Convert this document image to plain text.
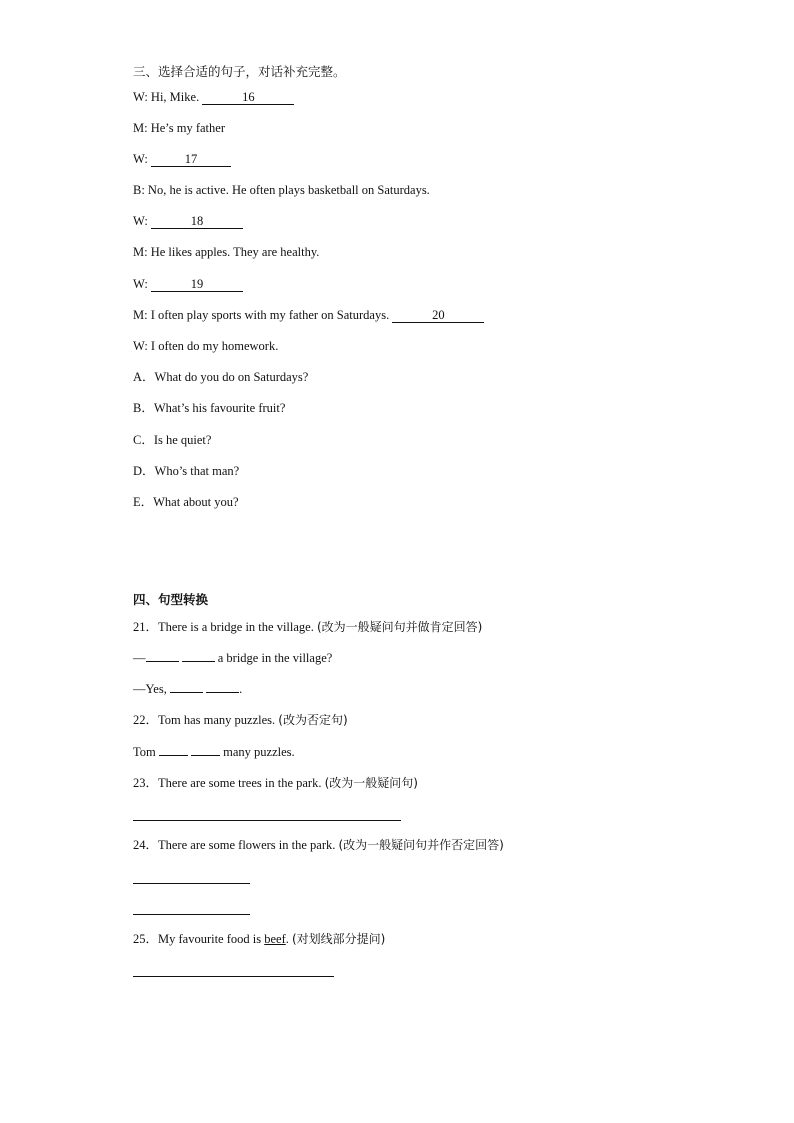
三、选择合适的句子，对话补充完整。
W: Hi, Mike.	16
M: He’s my father
W:	17
B: No, he is active. He often plays basketball on Saturdays.
W:	18
M: He likes apples. They are healthy.
W:	19
M: I often play sports with my father on Saturdays.	20
W: I often do my homework.
A．What do you do on Saturdays?
B．What’s his favourite fruit?
C．Is he quiet?
D．Who’s that man?
E．What about you?
四、句型转换
21．There is a bridge in the village. (改为一般疑问句并做肯定回答)
—	a bridge in the village?
—Yes,	.
22．Tom has many puzzles. (改为否定句)
Tom	many puzzles.
23．There are some trees in the park. (改为一般疑问句)
24．There are some flowers in the park. (改为一般疑问句并作否定回答)
25．My favourite food is beef. (对划线部分提问)
